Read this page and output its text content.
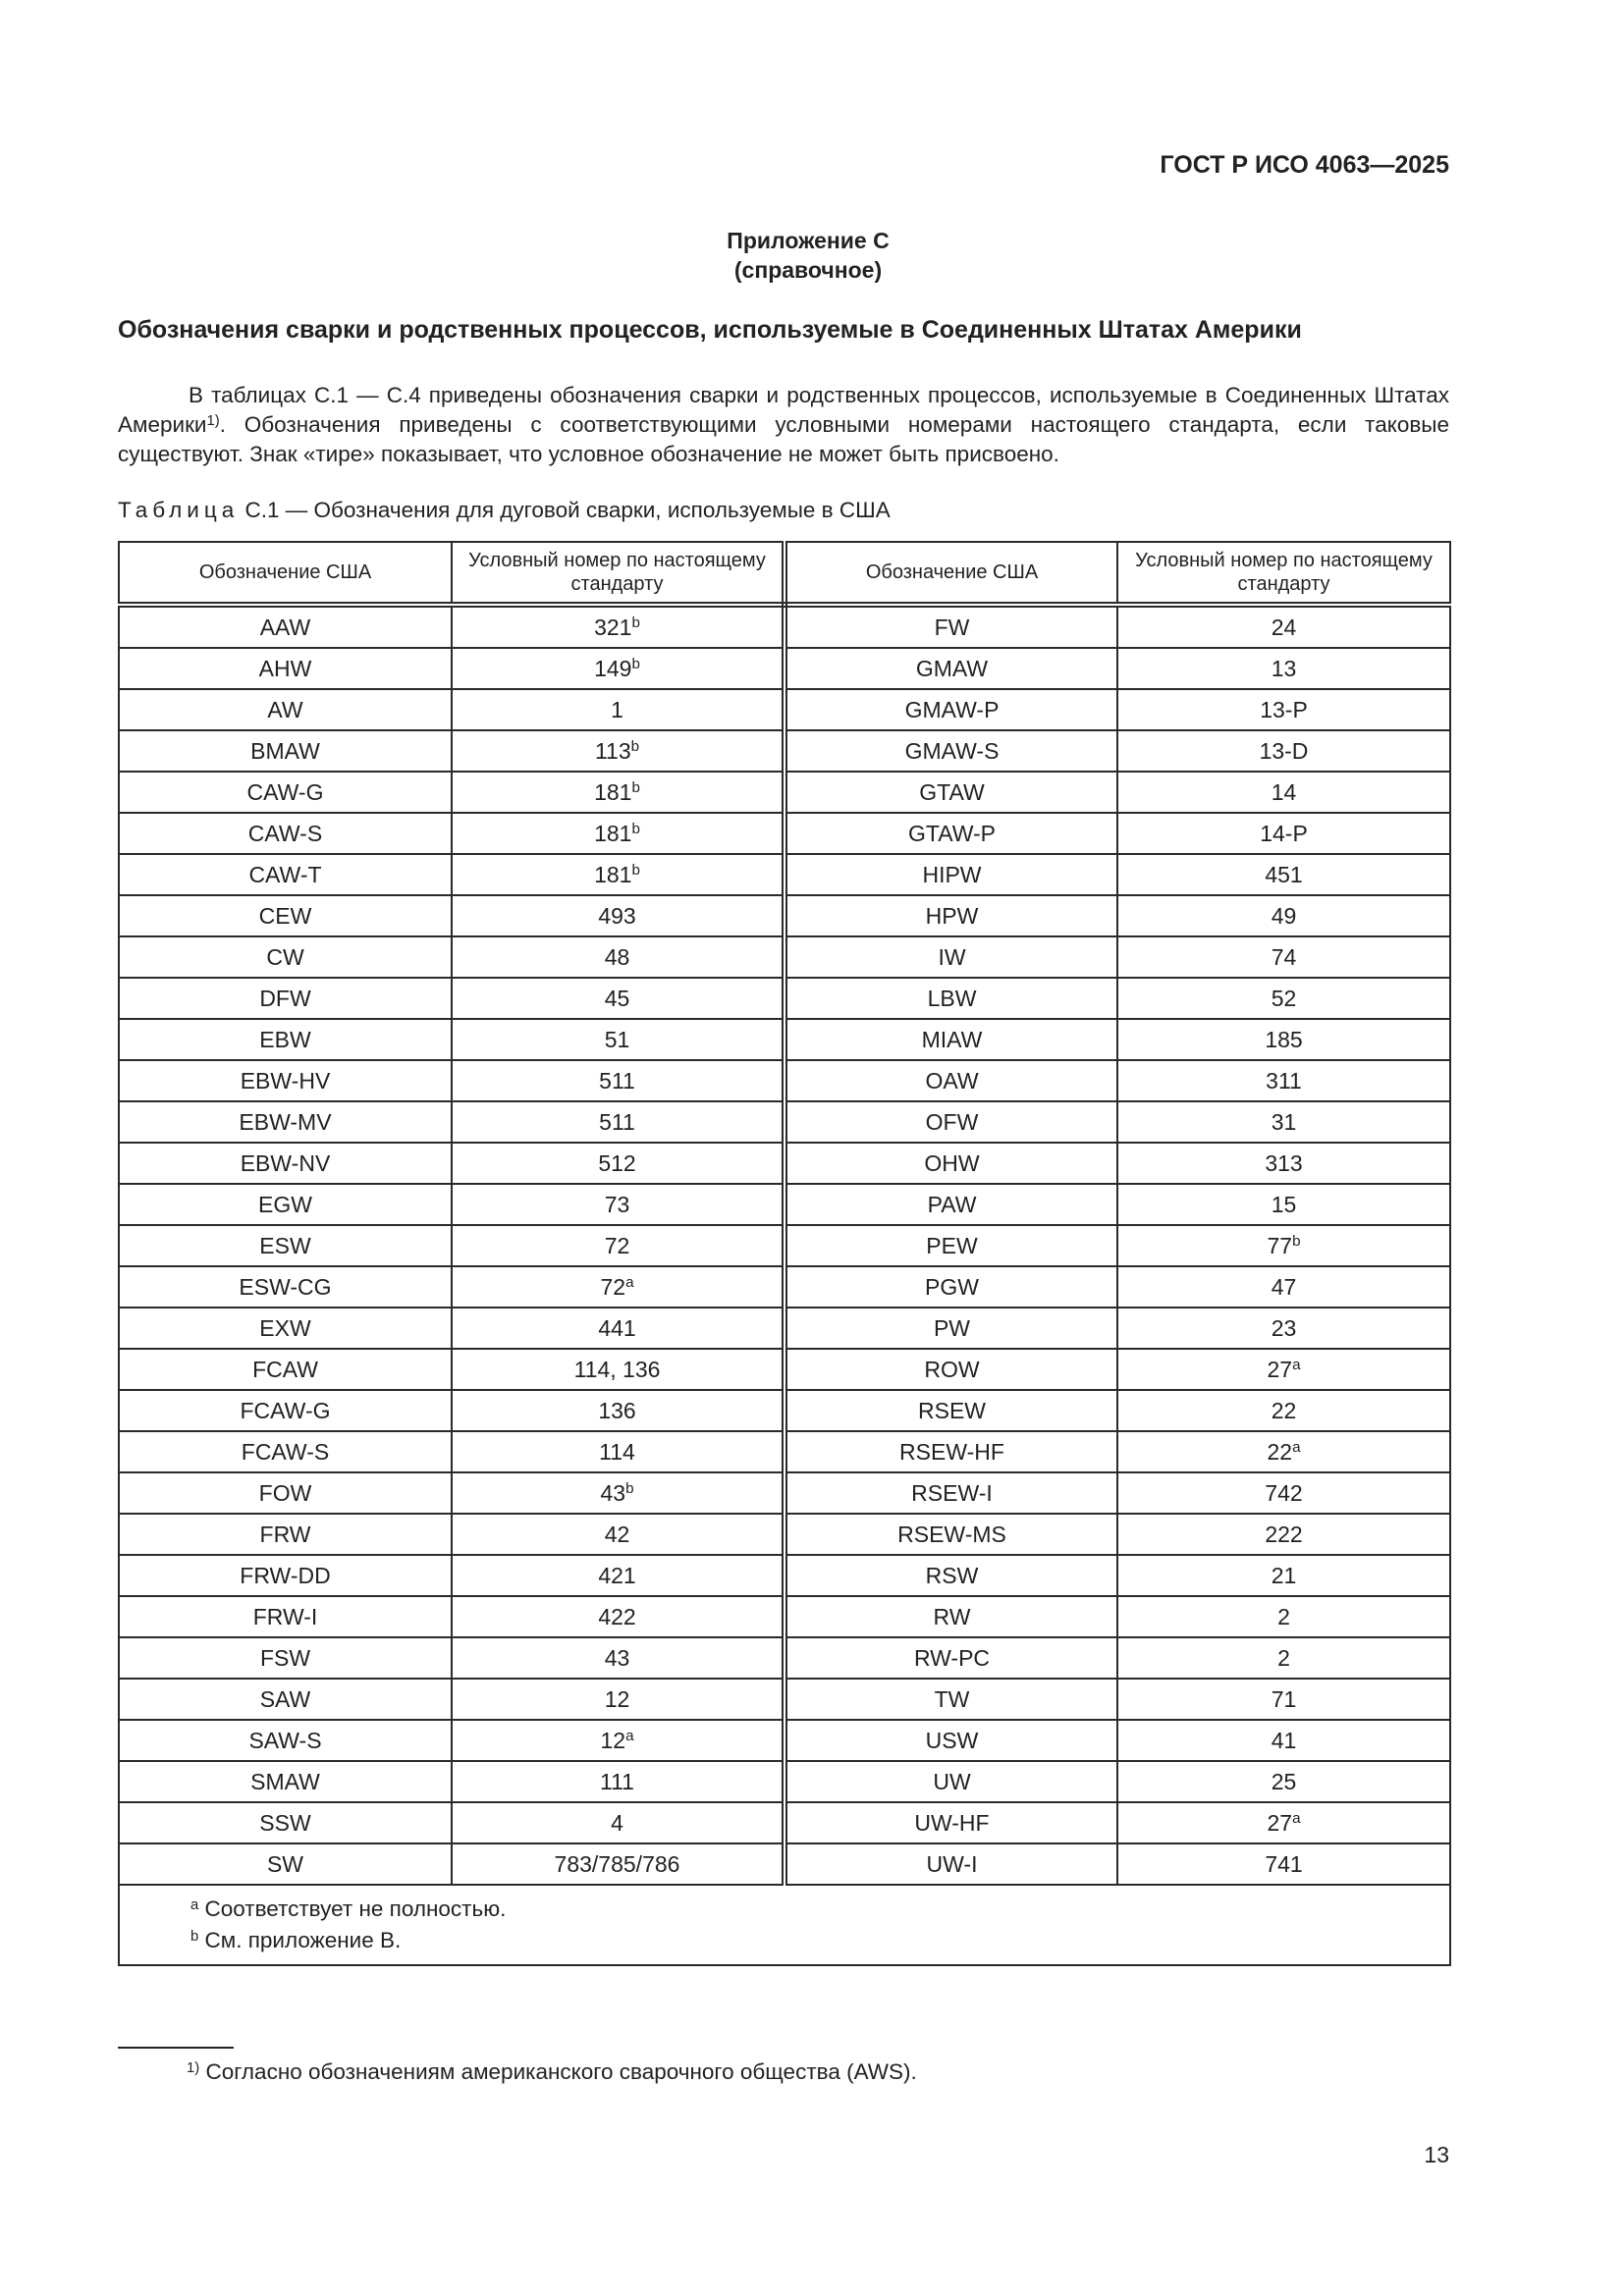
ГОСТ Р ИСО 4063—2025
Приложение С
(справочное)
Обозначения сварки и родственных процессов, используемые в Соединенных Штатах Америки
В таблицах С.1 — С.4 приведены обозначения сварки и родственных процессов, используемые в Соединенных Штатах Америки$^{1)}$. Обозначения приведены с соответствующими условными номерами настоящего стандарта, если таковые существуют. Знак «тире» показывает, что условное обозначение не может быть присвоено.
Таблица С.1 — Обозначения для дуговой сварки, используемые в США
Обозначение США	Условный номер по настоящему стандарту	Обозначение США	Условный номер по настоящему стандарту
AAW	321$^b$	FW	24
AHW	149$^b$	GMAW	13
AW	1	GMAW-P	13-P
BMAW	113$^b$	GMAW-S	13-D
CAW-G	181$^b$	GTAW	14
CAW-S	181$^b$	GTAW-P	14-P
CAW-T	181$^b$	HIPW	451
CEW	493	HPW	49
CW	48	IW	74
DFW	45	LBW	52
EBW	51	MIAW	185
EBW-HV	511	OAW	311
EBW-MV	511	OFW	31
EBW-NV	512	OHW	313
EGW	73	PAW	15
ESW	72	PEW	77$^b$
ESW-CG	72$^a$	PGW	47
EXW	441	PW	23
FCAW	114, 136	ROW	27$^a$
FCAW-G	136	RSEW	22
FCAW-S	114	RSEW-HF	22$^a$
FOW	43$^b$	RSEW-I	742
FRW	42	RSEW-MS	222
FRW-DD	421	RSW	21
FRW-I	422	RW	2
FSW	43	RW-PC	2
SAW	12	TW	71
SAW-S	12$^a$	USW	41
SMAW	111	UW	25
SSW	4	UW-HF	27$^a$
SW	783/785/786	UW-I	741

$^a$ Соответствует не полностью.
$^b$ См. приложение В.			
$^{1)}$ Согласно обозначениям американского сварочного общества (AWS).
13
